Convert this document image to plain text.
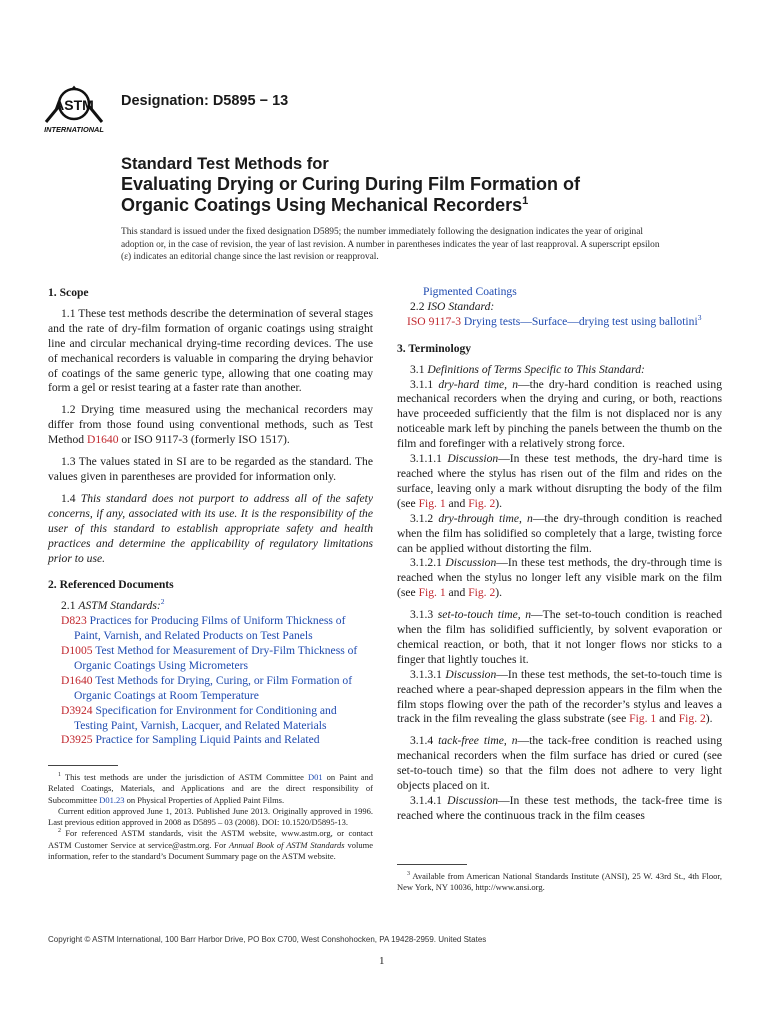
ASTM
INTERNATIONAL
Designation: D5895 − 13
Standard Test Methods for
Evaluating Drying or Curing During Film Formation of
Organic Coatings Using Mechanical Recorders$^1$
This standard is issued under the fixed designation D5895; the number immediately following the designation indicates the year of original adoption or, in the case of revision, the year of last revision. A number in parentheses indicates the year of last reapproval. A superscript epsilon (ε) indicates an editorial change since the last revision or reapproval.
1. Scope

1.1 These test methods describe the determination of several stages and the rate of dry-film formation of organic coatings using straight line and circular mechanical drying-time recording devices. The use of mechanical recorders is valuable in comparing the drying behavior of coatings of the same generic type, allowing that one coating may form a gel or resist tearing at a faster rate than another.

1.2 Drying time measured using the mechanical recorders may differ from those found using conventional methods, such as Test Method D1640 or ISO 9117-3 (formerly ISO 1517).

1.3 The values stated in SI are to be regarded as the standard. The values given in parentheses are provided for information only.

1.4 This standard does not purport to address all of the safety concerns, if any, associated with its use. It is the responsibility of the user of this standard to establish appropriate safety and health practices and determine the applicability of regulatory limitations prior to use.

2. Referenced Documents

2.1 ASTM Standards:$^2$

D823 Practices for Producing Films of Uniform Thickness of Paint, Varnish, and Related Products on Test Panels

D1005 Test Method for Measurement of Dry-Film Thickness of Organic Coatings Using Micrometers

D1640 Test Methods for Drying, Curing, or Film Formation of Organic Coatings at Room Temperature

D3924 Specification for Environment for Conditioning and Testing Paint, Varnish, Lacquer, and Related Materials

D3925 Practice for Sampling Liquid Paints and Related

$^1$ This test methods are under the jurisdiction of ASTM Committee D01 on Paint and Related Coatings, Materials, and Applications and are the direct responsibility of Subcommittee D01.23 on Physical Properties of Applied Paint Films.

Current edition approved June 1, 2013. Published June 2013. Originally approved in 1996. Last previous edition approved in 2008 as D5895 – 03 (2008). DOI: 10.1520/D5895-13.

$^2$ For referenced ASTM standards, visit the ASTM website, www.astm.org, or contact ASTM Customer Service at service@astm.org. For Annual Book of ASTM Standards volume information, refer to the standard’s Document Summary page on the ASTM website.

Pigmented Coatings

2.2 ISO Standard:

ISO 9117-3 Drying tests—Surface—drying test using ballotini$^3$

3. Terminology

3.1 Definitions of Terms Specific to This Standard:

3.1.1 dry-hard time, n—the dry-hard condition is reached using mechanical recorders when the drying and curing, or both, reactions have proceeded sufficiently that the film is not displaced nor is any noticeable mark left by pinching the panels between the thumb on the film and forefinger with a relatively strong force.

3.1.1.1 Discussion—In these test methods, the dry-hard time is reached where the stylus has risen out of the film and rides on the surface, leaving only a mark without disrupting the body of the film (see Fig. 1 and Fig. 2).

3.1.2 dry-through time, n—the dry-through condition is reached when the film has solidified so completely that a large, twisting force can be applied without distorting the film.

3.1.2.1 Discussion—In these test methods, the dry-through time is reached when the stylus no longer left any visible mark on the film (see Fig. 1 and Fig. 2).

3.1.3 set-to-touch time, n—The set-to-touch condition is reached when the film has solidified sufficiently, by solvent evaporation or chemical reaction, or both, that it not longer flows nor sticks to a finger that lightly touches it.

3.1.3.1 Discussion—In these test methods, the set-to-touch time is reached where a pear-shaped depression appears in the film when the film stops flowing over the path of the recorder’s stylus and leaves a track in the film revealing the glass substrate (see Fig. 1 and Fig. 2).

3.1.4 tack-free time, n—the tack-free condition is reached using mechanical recorders when the film surface has dried or cured (see set-to-touch time) so that the film does not adhere to very light objects placed on it.

3.1.4.1 Discussion—In these test methods, the tack-free time is reached where the continuous track in the film ceases

$^3$ Available from American National Standards Institute (ANSI), 25 W. 43rd St., 4th Floor, New York, NY 10036, http://www.ansi.org.

Copyright © ASTM International, 100 Barr Harbor Drive, PO Box C700, West Conshohocken, PA 19428-2959. United States
1
